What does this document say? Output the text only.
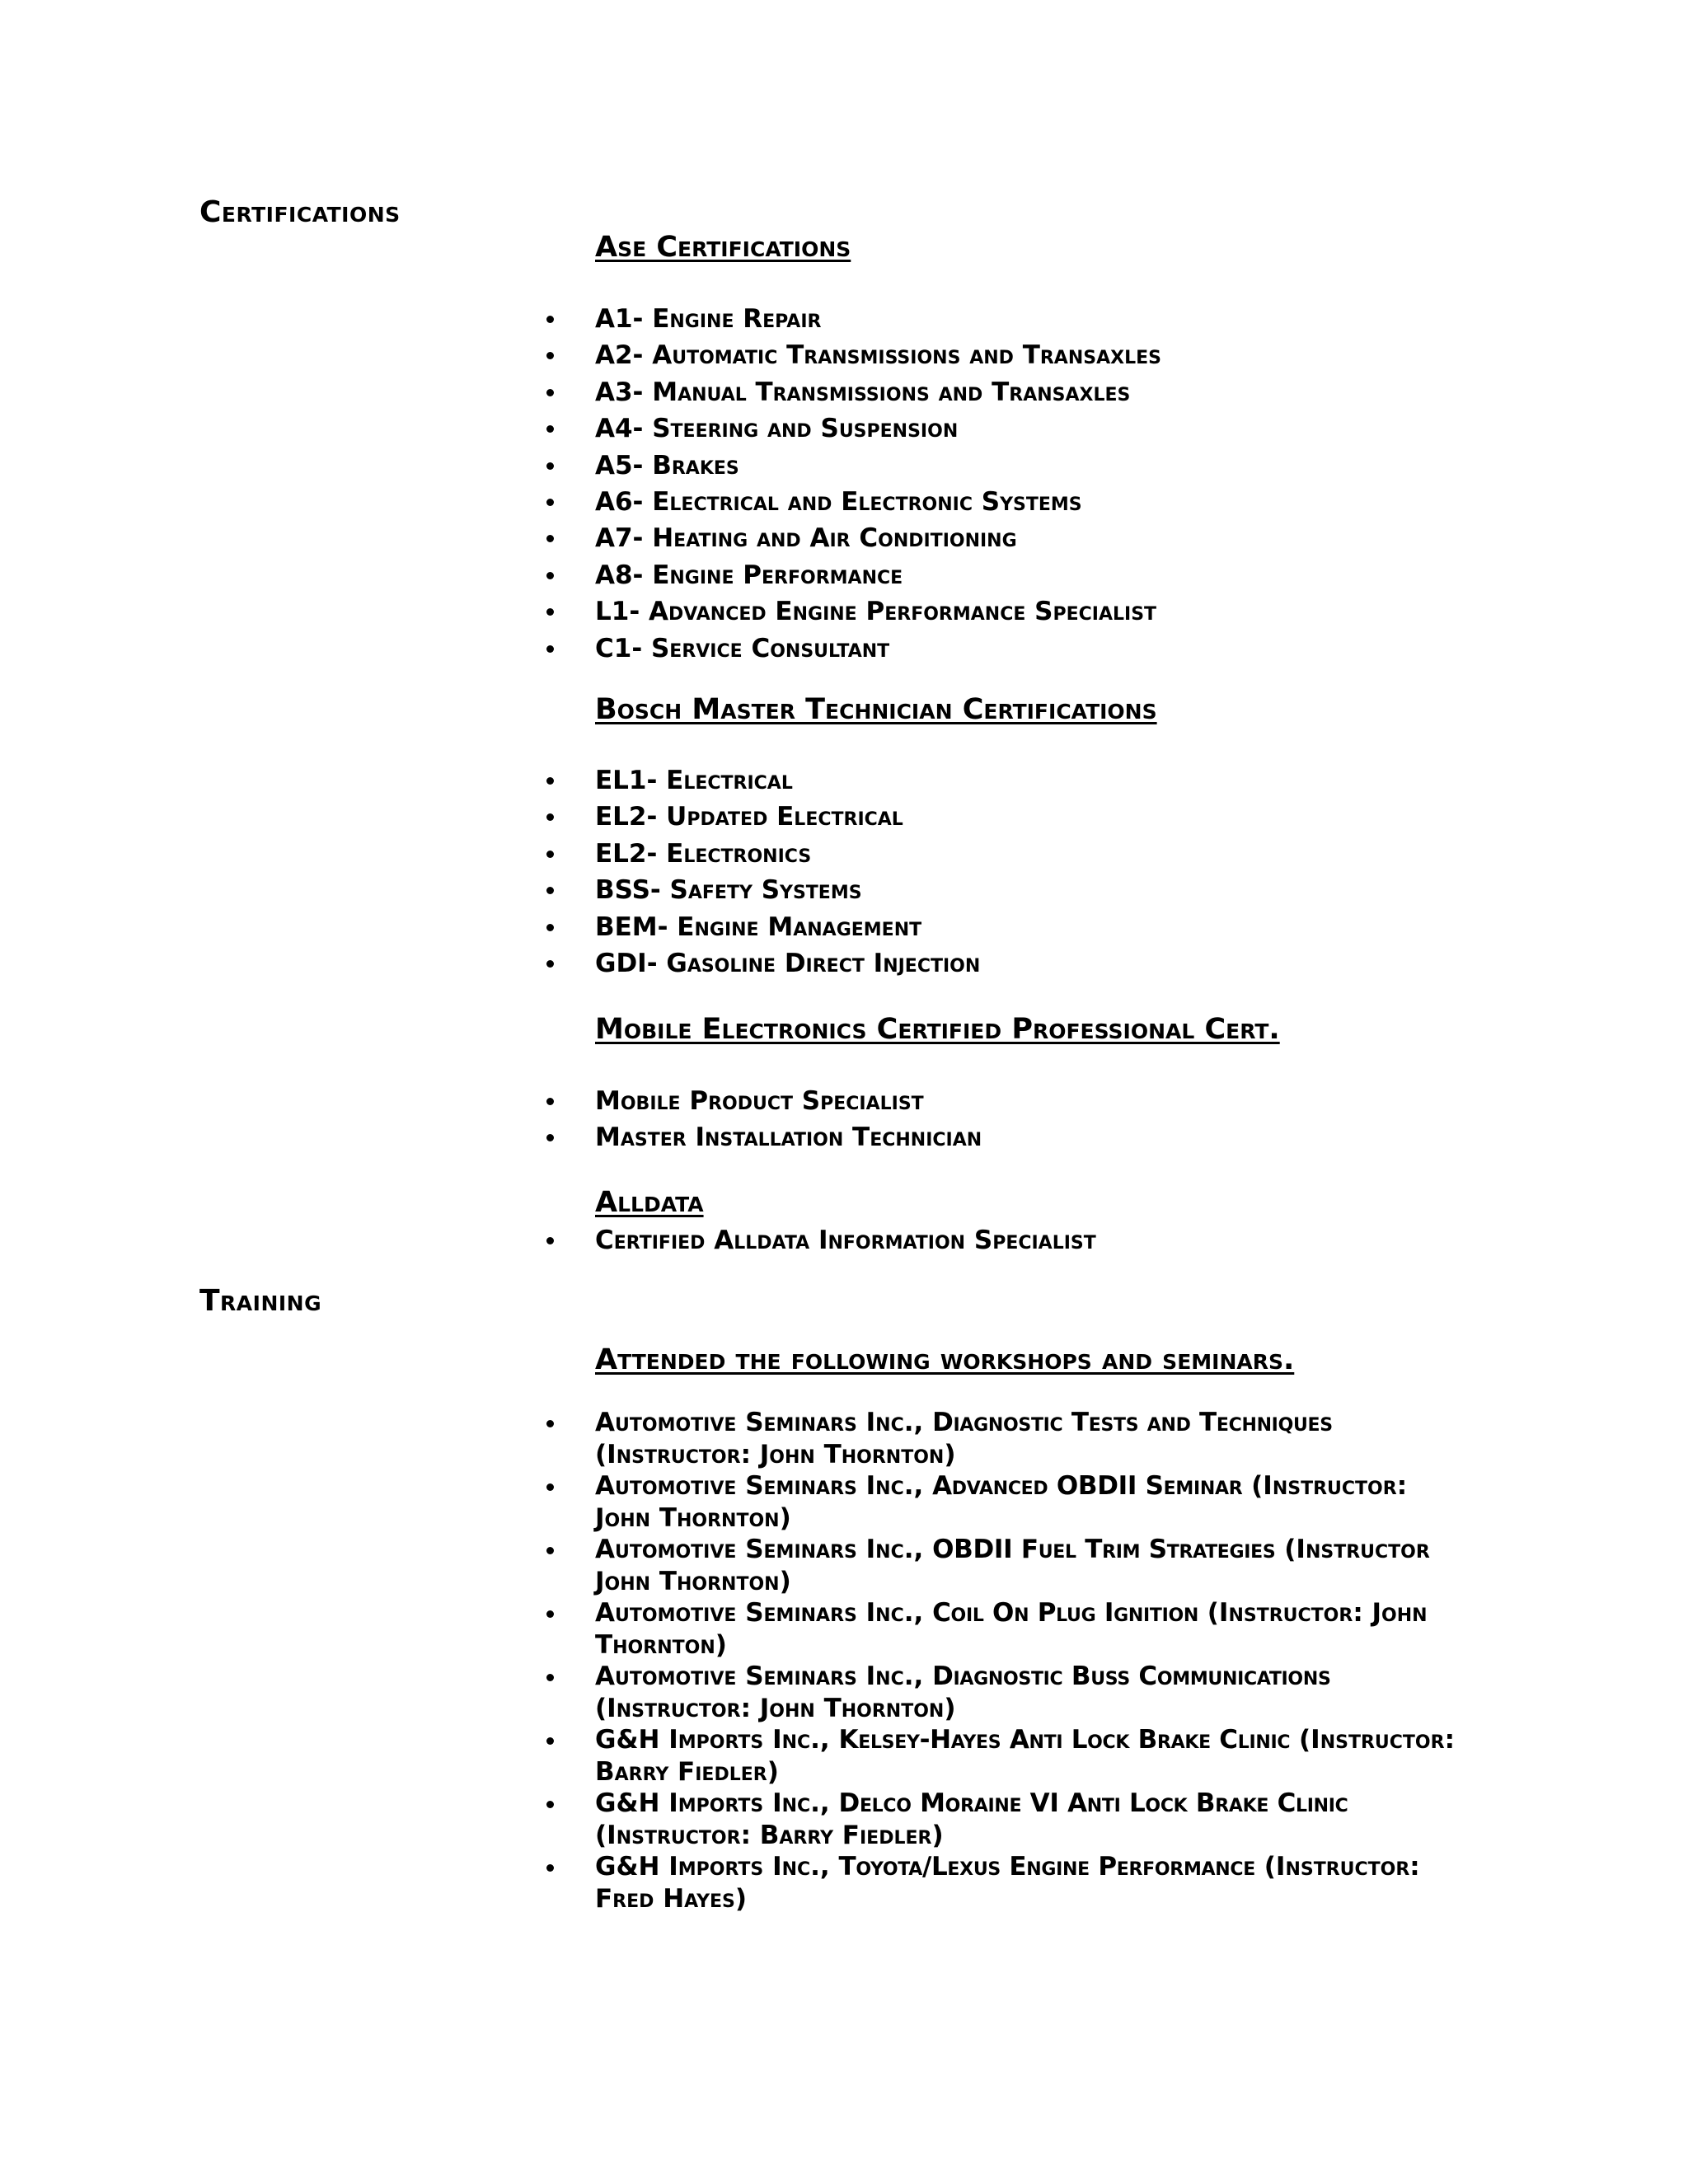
Certifications
Ase Certifications
A1- Engine Repair
A2- Automatic Transmissions and Transaxles
A3- Manual Transmissions and Transaxles
A4- Steering and Suspension
A5- Brakes
A6- Electrical and Electronic Systems
A7- Heating and Air Conditioning
A8- Engine Performance
L1- Advanced Engine Performance Specialist
C1- Service Consultant
Bosch Master Technician Certifications
EL1- Electrical
EL2- Updated Electrical
EL2- Electronics
BSS- Safety Systems
BEM- Engine Management
GDI- Gasoline Direct Injection
Mobile Electronics Certified Professional Cert.
Mobile Product Specialist
Master Installation Technician
Alldata
Certified Alldata Information Specialist
Training
Attended the following workshops and seminars.
Automotive Seminars Inc., Diagnostic Tests and Techniques (Instructor: John Thornton)
Automotive Seminars Inc., Advanced OBDII Seminar (Instructor: John Thornton)
Automotive Seminars Inc., OBDII Fuel Trim Strategies (Instructor John Thornton)
Automotive Seminars Inc., Coil On Plug Ignition (Instructor: John Thornton)
Automotive Seminars Inc., Diagnostic Buss Communications (Instructor: John Thornton)
G&H Imports Inc., Kelsey-Hayes Anti Lock Brake Clinic (Instructor: Barry Fiedler)
G&H Imports Inc., Delco Moraine VI Anti Lock Brake Clinic (Instructor: Barry Fiedler)
G&H Imports Inc., Toyota/Lexus Engine Performance (Instructor: Fred Hayes)
